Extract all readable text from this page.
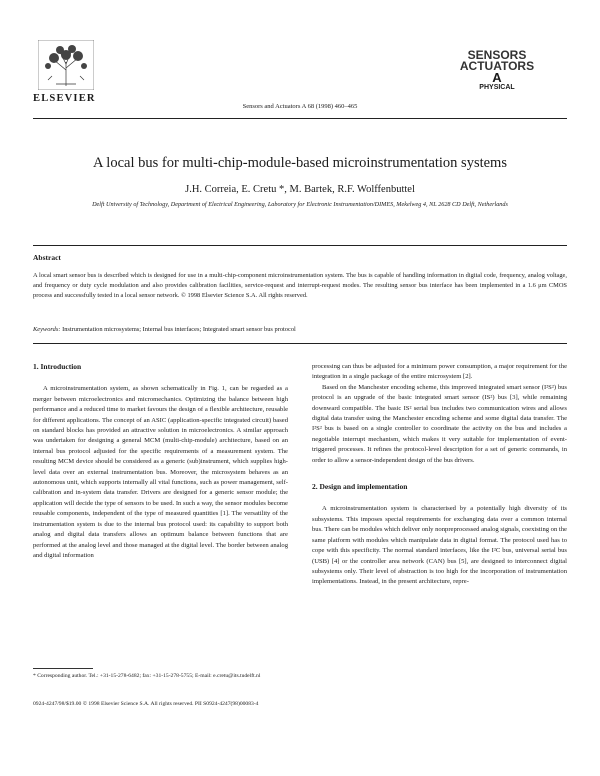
ELSEVIER
Sensors and Actuators A 68 (1998) 460–465
SENSORS
ACTUATORS
A
PHYSICAL
A local bus for multi-chip-module-based microinstrumentation systems
J.H. Correia, E. Cretu *, M. Bartek, R.F. Wolffenbuttel
Delft University of Technology, Department of Electrical Engineering, Laboratory for Electronic Instrumentation/DIMES, Mekelweg 4, NL 2628 CD Delft, Netherlands
Abstract
A local smart sensor bus is described which is designed for use in a multi-chip-component microinstrumentation system. The bus is capable of handling information in digital code, frequency, analog voltage, and frequency or duty cycle modulation and also provides calibration facilities, service-request and interrupt-request modes. The resulting sensor bus interface has been implemented in a 1.6 μm CMOS process and successfully tested in a local sensor network. © 1998 Elsevier Science S.A. All rights reserved.
Keywords: Instrumentation microsystems; Internal bus interfaces; Integrated smart sensor bus protocol
1. Introduction

A microinstrumentation system, as shown schematically in Fig. 1, can be regarded as a merger between microelectronics and micromechanics. Optimizing the balance between high performance and a reduced time to market favours the design of a flexible architecture, reusable for different applications. The concept of an ASIC (application-specific integrated circuit) based on standard blocks has provided an attractive solution in microelectronics. A similar approach was undertaken for designing a general MCM (multi-chip-module) architecture, based on an internal bus protocol adjusted for the specific requirements of a measurement system. The resulting MCM device should be considered as a generic (sub)instrument, which supplies high-level data over an external instrumentation bus. Moreover, the microsystem behaves as an autonomous unit, which supports internally all vital functions, such as power management, self-calibration and in-system data transfer. Drivers are designed for a generic sensor module; the application will decide the type of sensors to be used. In such a way, the sensor modules become reusable components, independent of the type of measured quantities [1]. The versatility of the instrumentation system is due to the internal bus protocol used: its capability to support both analog and digital data transfers allows an optimum balance between functions that are performed at the analog level and those managed at the digital level. The border between analog and digital information

* Corresponding author. Tel.: +31-15-278-6482; fax: +31-15-278-5755; E-mail: e.cretu@its.tudelft.nl
0924-4247/98/$19.00 © 1998 Elsevier Science S.A. All rights reserved. PII S0924-4247(98)00083-4

processing can thus be adjusted for a minimum power consumption, a major requirement for the integration in a single package of the entire microsystem [2].

Based on the Manchester encoding scheme, this improved integrated smart sensor (I²S²) bus protocol is an upgrade of the basic integrated smart sensor (IS²) bus [3], while remaining downward compatible. The basic IS² serial bus includes two communication wires and allows digital data transfer using the Manchester encoding scheme and some digital data transfer. The I²S² bus is based on a single controller to coordinate the activity on the bus and includes a negotiable interrupt mechanism, which makes it very suitable for implementation of event-triggered processes. It refines the protocol-level description for a set of generic commands, in order to allow a sensor-independent design of the bus drivers.

2. Design and implementation

A microinstrumentation system is characterised by a potentially high diversity of its subsystems. This imposes special requirements for exchanging data over a common internal bus. There can be modules which deliver only nonpreprocessed analog signals, coexisting on the same platform with modules which manipulate data in digital format. The protocol used has to cope with this specificity. The normal standard interfaces, like the I²C bus, universal serial bus (USB) [4] or the controller area network (CAN) bus [5], are designed to interconnect digital subsystems only. Their level of abstraction is too high for the incorporation of instrumentation implementations. Instead, in the present architecture, repre-
